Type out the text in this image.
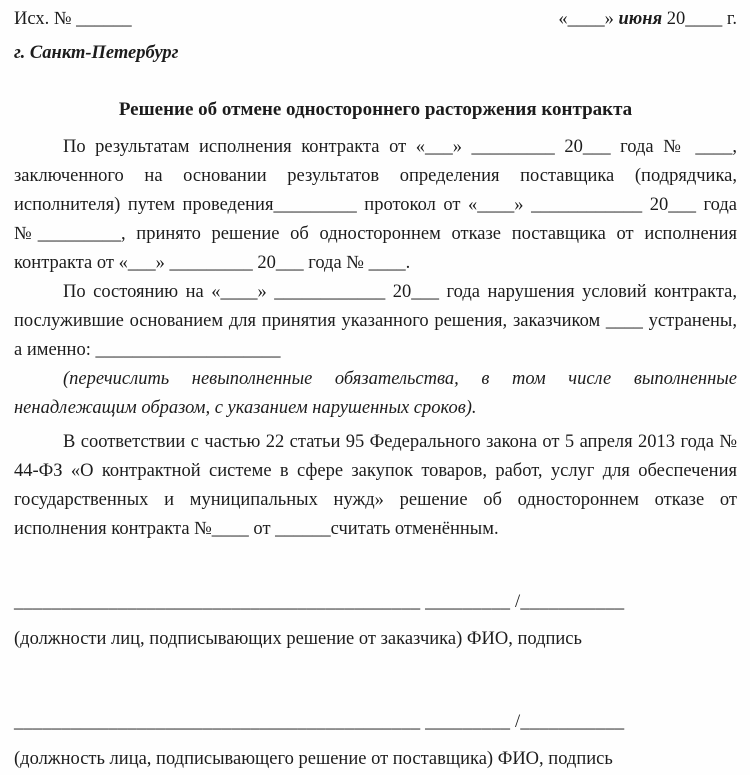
Исх. № ______	«____» июня 20____ г.
г. Санкт-Петербург
Решение об отмене одностороннего расторжения контракта

По результатам исполнения контракта от «___» _________ 20___ года № ____, заключенного на основании результатов определения поставщика (подрядчика, исполнителя) путем проведения_________ протокол от «____» ____________ 20___ года №_________, принято решение об одностороннем отказе поставщика от исполнения контракта от «___» _________ 20___ года № ____.

По состоянию на «____» ____________ 20___ года нарушения условий контракта, послужившие основанием для принятия указанного решения, заказчиком ____ устранены, а именно: ____________________

(перечислить невыполненные обязательства, в том числе выполненные ненадлежащим образом, с указанием нарушенных сроков).

В соответствии с частью 22 статьи 95 Федерального закона от 5 апреля 2013 года № 44-ФЗ «О контрактной системе в сфере закупок товаров, работ, услуг для обеспечения государственных и муниципальных нужд» решение об одностороннем отказе от исполнения контракта №____ от ______считать отменённым.

___________________________________________ _________ /___________
(должности лиц, подписывающих решение от заказчика) ФИО, подпись
___________________________________________ _________ /___________
(должность лица, подписывающего решение от поставщика) ФИО, подпись
